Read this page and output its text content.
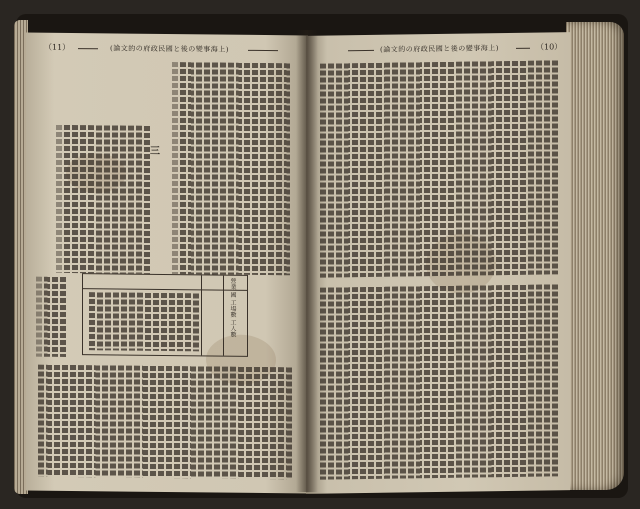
（11）	(論文的の府政民國と後の變事海上)
三
營業 國 工場數 工人數
(論文的の府政民國と後の變事海上)	（10）
